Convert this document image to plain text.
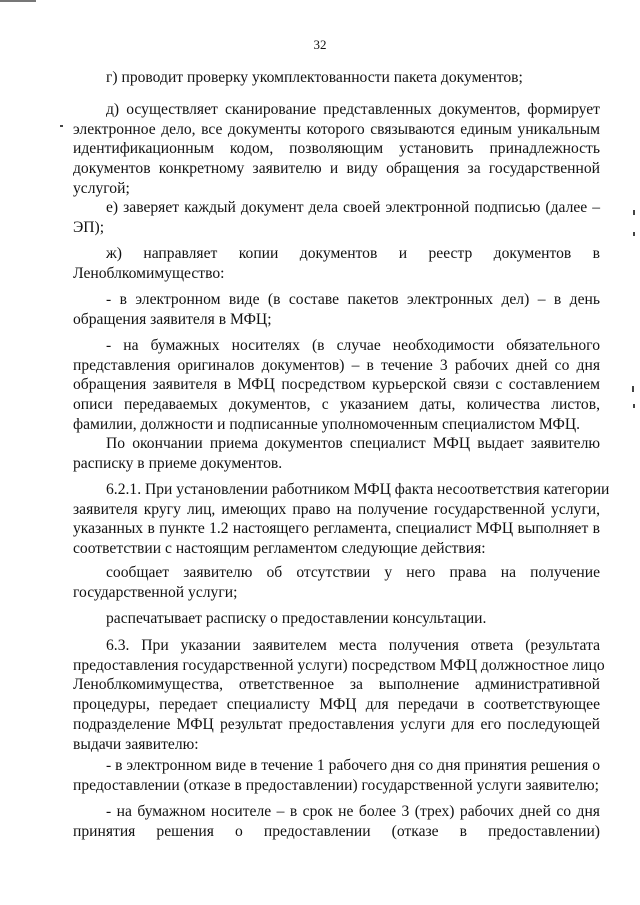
32
г) проводит проверку укомплектованности пакета документов;
д) осуществляет сканирование представленных документов, формирует
электронное дело, все документы которого связываются единым уникальным
идентификационным кодом, позволяющим установить принадлежность
документов конкретному заявителю и виду обращения за государственной
услугой;
е) заверяет каждый документ дела своей электронной подписью (далее –
ЭП);
ж) направляет копии документов и реестр документов в
Леноблкомимущество:
- в электронном виде (в составе пакетов электронных дел) – в день
обращения заявителя в МФЦ;
- на бумажных носителях (в случае необходимости обязательного
представления оригиналов документов) – в течение 3 рабочих дней со дня
обращения заявителя в МФЦ посредством курьерской связи с составлением
описи передаваемых документов, с указанием даты, количества листов,
фамилии, должности и подписанные уполномоченным специалистом МФЦ.
По окончании приема документов специалист МФЦ выдает заявителю
расписку в приеме документов.
6.2.1. При установлении работником МФЦ факта несоответствия категории
заявителя кругу лиц, имеющих право на получение государственной услуги,
указанных в пункте 1.2 настоящего регламента, специалист МФЦ выполняет в
соответствии с настоящим регламентом следующие действия:
сообщает заявителю об отсутствии у него права на получение
государственной услуги;
распечатывает расписку о предоставлении консультации.
6.3. При указании заявителем места получения ответа (результата
предоставления государственной услуги) посредством МФЦ должностное лицо
Леноблкомимущества, ответственное за выполнение административной
процедуры, передает специалисту МФЦ для передачи в соответствующее
подразделение МФЦ результат предоставления услуги для его последующей
выдачи заявителю:
- в электронном виде в течение 1 рабочего дня со дня принятия решения о
предоставлении (отказе в предоставлении) государственной услуги заявителю;
- на бумажном носителе – в срок не более 3 (трех) рабочих дней со дня
принятия решения о предоставлении (отказе в предоставлении)
